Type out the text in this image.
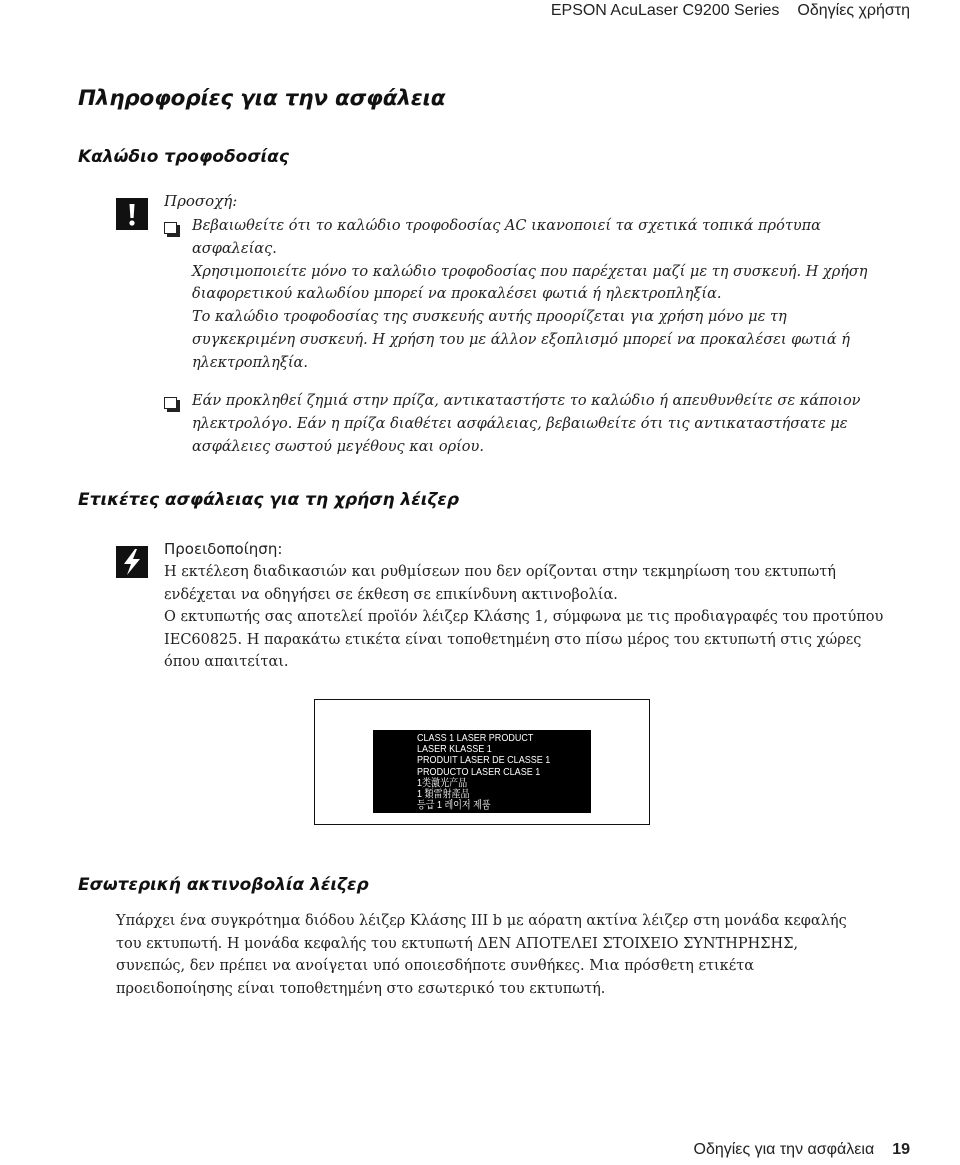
EPSON AcuLaser C9200 Series Οδηγίες χρήστη
Πληροφορίες για την ασφάλεια
Καλώδιο τροφοδοσίας
Προσοχή:

Βεβαιωθείτε ότι το καλώδιο τροφοδοσίας AC ικανοποιεί τα σχετικά τοπικά πρότυπα

ασφαλείας.

Χρησιμοποιείτε μόνο το καλώδιο τροφοδοσίας που παρέχεται μαζί με τη συσκευή. Η χρήση

διαφορετικού καλωδίου μπορεί να προκαλέσει φωτιά ή ηλεκτροπληξία.

Το καλώδιο τροφοδοσίας της συσκευής αυτής προορίζεται για χρήση μόνο με τη

συγκεκριμένη συσκευή. Η χρήση του με άλλον εξοπλισμό μπορεί να προκαλέσει φωτιά ή

ηλεκτροπληξία.

Εάν προκληθεί ζημιά στην πρίζα, αντικαταστήστε το καλώδιο ή απευθυνθείτε σε κάποιον

ηλεκτρολόγο. Εάν η πρίζα διαθέτει ασφάλειας, βεβαιωθείτε ότι τις αντικαταστήσατε με

ασφάλειες σωστού μεγέθους και ορίου.

Ετικέτες ασφάλειας για τη χρήση λέιζερ
Προειδοποίηση:

Η εκτέλεση διαδικασιών και ρυθμίσεων που δεν ορίζονται στην τεκμηρίωση του εκτυπωτή

ενδέχεται να οδηγήσει σε έκθεση σε επικίνδυνη ακτινοβολία.

Ο εκτυπωτής σας αποτελεί προϊόν λέιζερ Κλάσης 1, σύμφωνα με τις προδιαγραφές του προτύπου

IEC60825. Η παρακάτω ετικέτα είναι τοποθετημένη στο πίσω μέρος του εκτυπωτή στις χώρες

όπου απαιτείται.

CLASS 1 LASER PRODUCT
LASER KLASSE 1
PRODUIT LASER DE CLASSE 1
PRODUCTO LASER CLASE 1
1类激光产品
1 類雷射產品
등급 1 레이저 제품
Εσωτερική ακτινοβολία λέιζερ
Υπάρχει ένα συγκρότημα διόδου λέιζερ Κλάσης III b με αόρατη ακτίνα λέιζερ στη μονάδα κεφαλής
του εκτυπωτή. Η μονάδα κεφαλής του εκτυπωτή ΔΕΝ ΑΠΟΤΕΛΕΙ ΣΤΟΙΧΕΙΟ ΣΥΝΤΗΡΗΣΗΣ,
συνεπώς, δεν πρέπει να ανοίγεται υπό οποιεσδήποτε συνθήκες. Μια πρόσθετη ετικέτα
προειδοποίησης είναι τοποθετημένη στο εσωτερικό του εκτυπωτή.
Οδηγίες για την ασφάλεια 19
